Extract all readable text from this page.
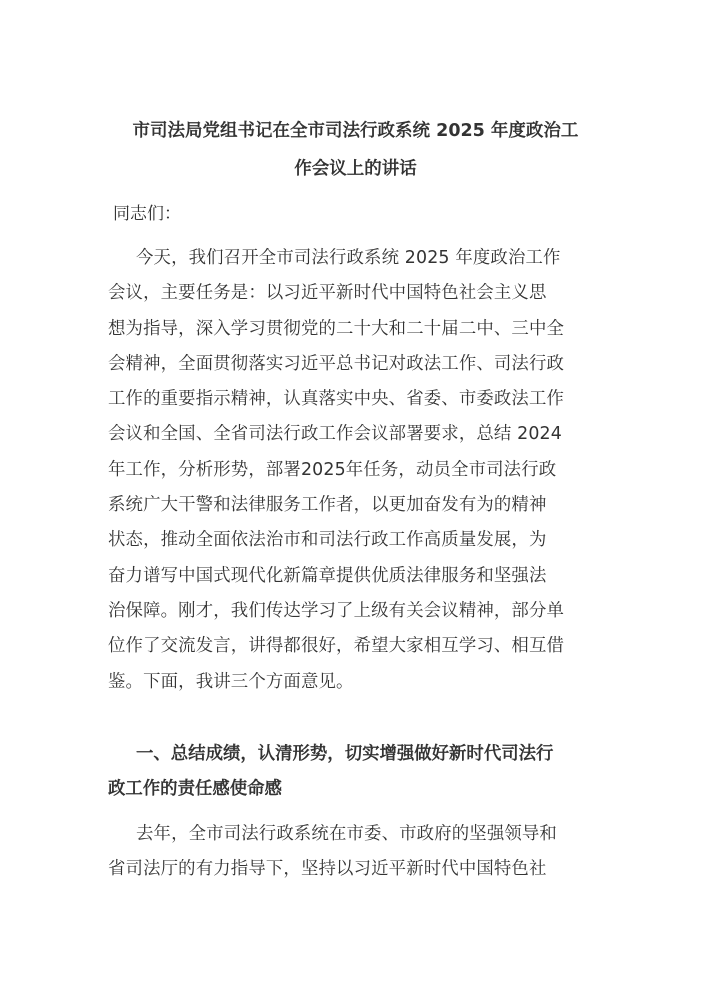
市司法局党组书记在全市司法行政系统 2025 年度政治工
作会议上的讲话

同志们：

今天，我们召开全市司法行政系统 2025 年度政治工作
会议，主要任务是：以习近平新时代中国特色社会主义思
想为指导，深入学习贯彻党的二十大和二十届二中、三中全
会精神，全面贯彻落实习近平总书记对政法工作、司法行政
工作的重要指示精神，认真落实中央、省委、市委政法工作
会议和全国、全省司法行政工作会议部署要求，总结 2024
年工作，分析形势，部署2025年任务，动员全市司法行政
系统广大干警和法律服务工作者，以更加奋发有为的精神
状态，推动全面依法治市和司法行政工作高质量发展，为
奋力谱写中国式现代化新篇章提供优质法律服务和坚强法
治保障。刚才，我们传达学习了上级有关会议精神，部分单
位作了交流发言，讲得都很好，希望大家相互学习、相互借
鉴。下面，我讲三个方面意见。
一、总结成绩，认清形势，切实增强做好新时代司法行
政工作的责任感使命感
去年，全市司法行政系统在市委、市政府的坚强领导和
省司法厅的有力指导下，坚持以习近平新时代中国特色社
